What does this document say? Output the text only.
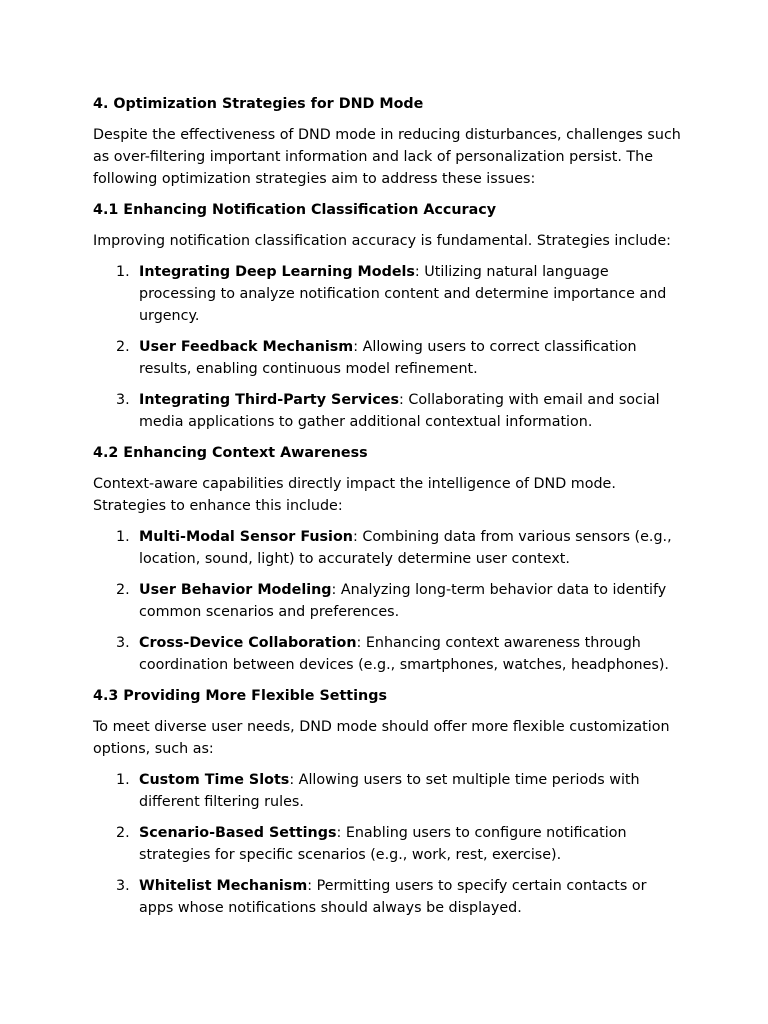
4. Optimization Strategies for DND Mode

Despite the effectiveness of DND mode in reducing disturbances, challenges such as over-filtering important information and lack of personalization persist. The following optimization strategies aim to address these issues:

4.1 Enhancing Notification Classification Accuracy

Improving notification classification accuracy is fundamental. Strategies include:

1. Integrating Deep Learning Models: Utilizing natural language processing to analyze notification content and determine importance and urgency.
2. User Feedback Mechanism: Allowing users to correct classification results, enabling continuous model refinement.
3. Integrating Third-Party Services: Collaborating with email and social media applications to gather additional contextual information.
4.2 Enhancing Context Awareness

Context-aware capabilities directly impact the intelligence of DND mode. Strategies to enhance this include:

1. Multi-Modal Sensor Fusion: Combining data from various sensors (e.g., location, sound, light) to accurately determine user context.
2. User Behavior Modeling: Analyzing long-term behavior data to identify common scenarios and preferences.
3. Cross-Device Collaboration: Enhancing context awareness through coordination between devices (e.g., smartphones, watches, headphones).
4.3 Providing More Flexible Settings

To meet diverse user needs, DND mode should offer more flexible customization options, such as:

1. Custom Time Slots: Allowing users to set multiple time periods with different filtering rules.
2. Scenario-Based Settings: Enabling users to configure notification strategies for specific scenarios (e.g., work, rest, exercise).
3. Whitelist Mechanism: Permitting users to specify certain contacts or apps whose notifications should always be displayed.
